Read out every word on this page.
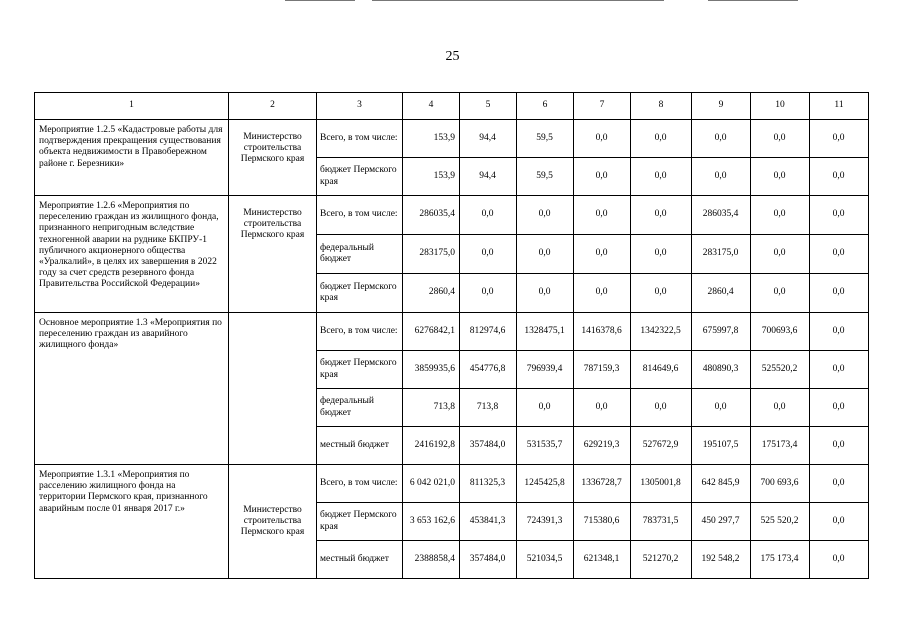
25
1	2	3	4	5	6	7	8	9	10	11
Мероприятие 1.2.5 «Кадастровые работы для подтверждения прекращения существования объекта недвижимости в Правобережном районе г. Березники»	Министерство строительства Пермского края	Всего, в том числе:	153,9	94,4	59,5	0,0	0,0	0,0	0,0	0,0
		бюджет Пермского края	153,9	94,4	59,5	0,0	0,0	0,0	0,0	0,0
Мероприятие 1.2.6 «Мероприятия по переселению граждан из жилищного фонда, признанного непригодным вследствие техногенной аварии на руднике БКПРУ-1 публичного акционерного общества «Уралкалий», в целях их завершения в 2022 году за счет средств резервного фонда Правительства Российской Федерации»	Министерство строительства Пермского края	Всего, в том числе:	286035,4	0,0	0,0	0,0	0,0	286035,4	0,0	0,0
		федеральный бюджет	283175,0	0,0	0,0	0,0	0,0	283175,0	0,0	0,0
		бюджет Пермского края	2860,4	0,0	0,0	0,0	0,0	2860,4	0,0	0,0
Основное мероприятие 1.3 «Мероприятия по переселению граждан из аварийного жилищного фонда»		Всего, в том числе:	6276842,1	812974,6	1328475,1	1416378,6	1342322,5	675997,8	700693,6	0,0
		бюджет Пермского края	3859935,6	454776,8	796939,4	787159,3	814649,6	480890,3	525520,2	0,0
		федеральный бюджет	713,8	713,8	0,0	0,0	0,0	0,0	0,0	0,0
		местный бюджет	2416192,8	357484,0	531535,7	629219,3	527672,9	195107,5	175173,4	0,0
Мероприятие 1.3.1 «Мероприятия по расселению жилищного фонда на территории Пермского края, признанного аварийным после 01 января 2017 г.»	Министерство строительства Пермского края	Всего, в том числе:	6 042 021,0	811325,3	1245425,8	1336728,7	1305001,8	642 845,9	700 693,6	0,0
		бюджет Пермского края	3 653 162,6	453841,3	724391,3	715380,6	783731,5	450 297,7	525 520,2	0,0
		местный бюджет	2388858,4	357484,0	521034,5	621348,1	521270,2	192 548,2	175 173,4	0,0
